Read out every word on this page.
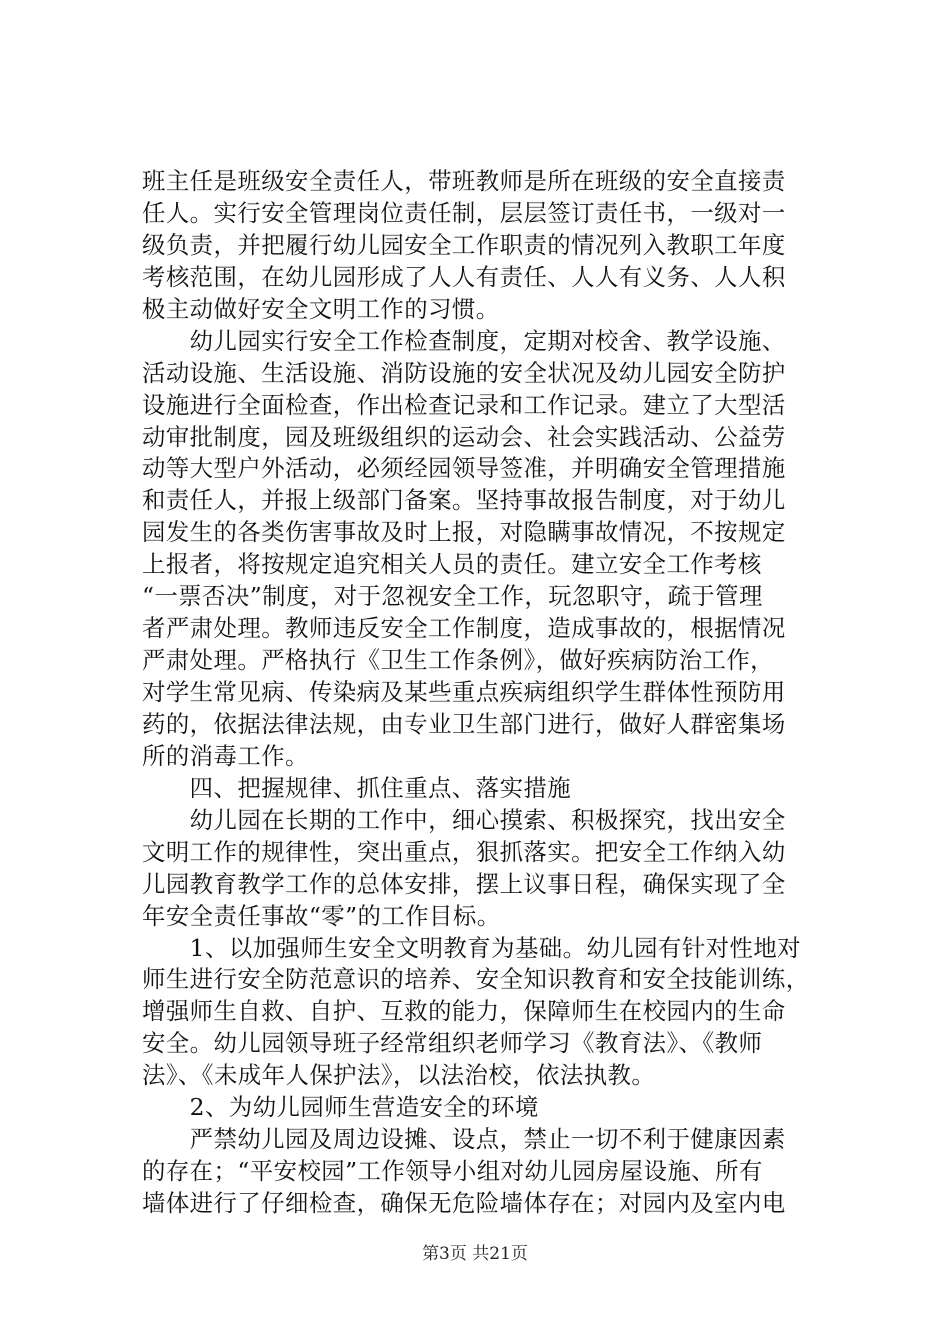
班主任是班级安全责任人，带班教师是所在班级的安全直接责
任人。实行安全管理岗位责任制，层层签订责任书，一级对一
级负责，并把履行幼儿园安全工作职责的情况列入教职工年度
考核范围，在幼儿园形成了人人有责任、人人有义务、人人积
极主动做好安全文明工作的习惯。
　　幼儿园实行安全工作检查制度，定期对校舍、教学设施、
活动设施、生活设施、消防设施的安全状况及幼儿园安全防护
设施进行全面检查，作出检查记录和工作记录。建立了大型活
动审批制度，园及班级组织的运动会、社会实践活动、公益劳
动等大型户外活动，必须经园领导签准，并明确安全管理措施
和责任人，并报上级部门备案。坚持事故报告制度，对于幼儿
园发生的各类伤害事故及时上报，对隐瞒事故情况，不按规定
上报者，将按规定追究相关人员的责任。建立安全工作考核
“一票否决”制度，对于忽视安全工作，玩忽职守，疏于管理
者严肃处理。教师违反安全工作制度，造成事故的，根据情况
严肃处理。严格执行《卫生工作条例》，做好疾病防治工作，
对学生常见病、传染病及某些重点疾病组织学生群体性预防用
药的，依据法律法规，由专业卫生部门进行，做好人群密集场
所的消毒工作。
　　四、把握规律、抓住重点、落实措施
　　幼儿园在长期的工作中，细心摸索、积极探究，找出安全
文明工作的规律性，突出重点，狠抓落实。把安全工作纳入幼
儿园教育教学工作的总体安排，摆上议事日程，确保实现了全
年安全责任事故“零”的工作目标。
　　1、以加强师生安全文明教育为基础。幼儿园有针对性地对
师生进行安全防范意识的培养、安全知识教育和安全技能训练，
增强师生自救、自护、互救的能力，保障师生在校园内的生命
安全。幼儿园领导班子经常组织老师学习《教育法》、《教师
法》、《未成年人保护法》，以法治校，依法执教。
　　2、为幼儿园师生营造安全的环境
　　严禁幼儿园及周边设摊、设点，禁止一切不利于健康因素
的存在；“平安校园”工作领导小组对幼儿园房屋设施、所有
墙体进行了仔细检查，确保无危险墙体存在；对园内及室内电
第3页 共21页
